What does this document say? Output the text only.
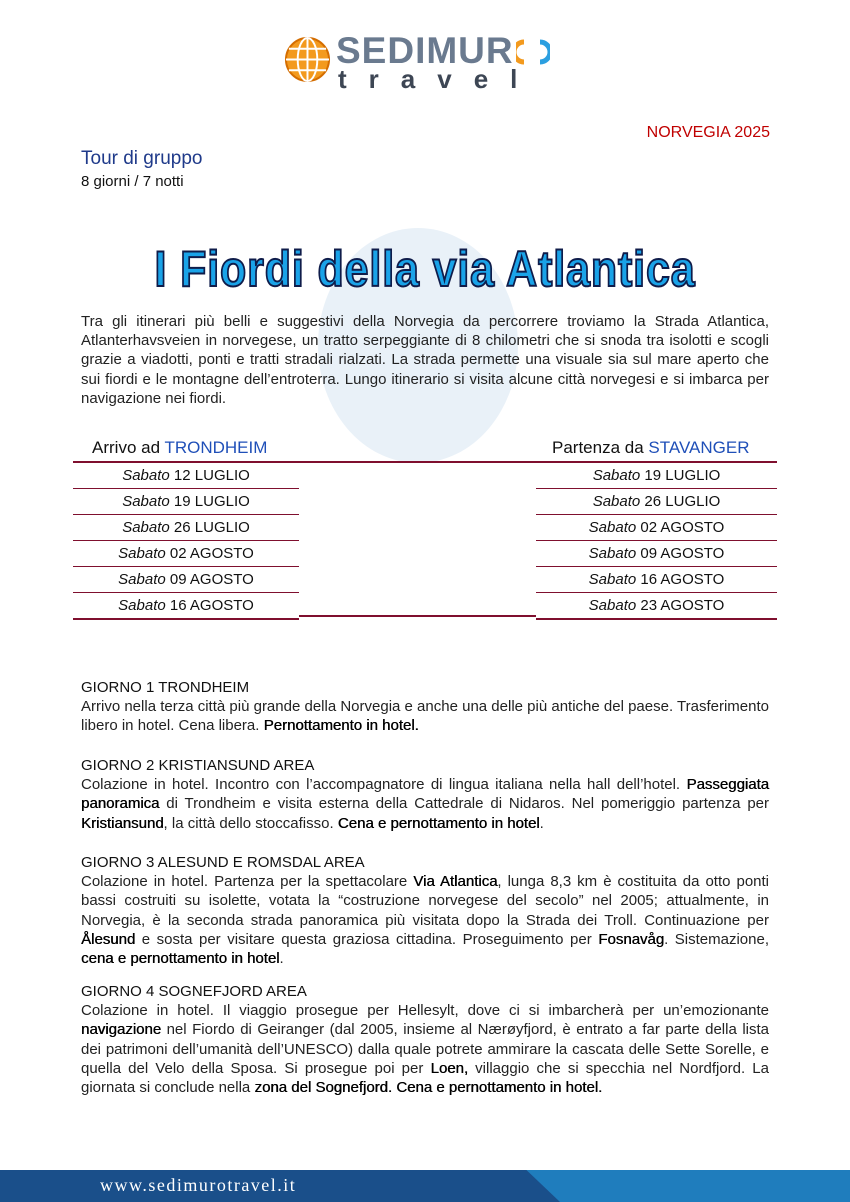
SEDIMUR
travel
NORVEGIA 2025
Tour di gruppo
8 giorni / 7 notti
I Fiordi della via Atlantica
Tra gli itinerari più belli e suggestivi della Norvegia da percorrere troviamo la Strada Atlantica, Atlanterhavsveien in norvegese, un tratto serpeggiante di 8 chilometri che si snoda tra isolotti e scogli grazie a viadotti, ponti e tratti stradali rialzati. La strada permette una visuale sia sul mare aperto che sui fiordi e le montagne dell’entroterra. Lungo itinerario si visita alcune città norvegesi e si imbarca per navigazione nei fiordi.
Arrivo ad TRONDHEIM	Partenza da STAVANGER
Sabato 12 LUGLIO
Sabato 19 LUGLIO
Sabato 26 LUGLIO
Sabato 02 AGOSTO
Sabato 09 AGOSTO
Sabato 16 AGOSTO
Sabato 19 LUGLIO
Sabato 26 LUGLIO
Sabato 02 AGOSTO
Sabato 09 AGOSTO
Sabato 16 AGOSTO
Sabato 23 AGOSTO
GIORNO 1 TRONDHEIM

Arrivo nella terza città più grande della Norvegia e anche una delle più antiche del paese. Trasferimento libero in hotel. Cena libera. Pernottamento in hotel.

GIORNO 2 KRISTIANSUND AREA

Colazione in hotel. Incontro con l’accompagnatore di lingua italiana nella hall dell’hotel. Passeggiata panoramica di Trondheim e visita esterna della Cattedrale di Nidaros. Nel pomeriggio partenza per Kristiansund, la città dello stoccafisso. Cena e pernottamento in hotel.

GIORNO 3 ALESUND E ROMSDAL AREA

Colazione in hotel. Partenza per la spettacolare Via Atlantica, lunga 8,3 km è costituita da otto ponti bassi costruiti su isolette, votata la “costruzione norvegese del secolo” nel 2005; attualmente, in Norvegia, è la seconda strada panoramica più visitata dopo la Strada dei Troll. Continuazione per Ålesund e sosta per visitare questa graziosa cittadina. Proseguimento per Fosnavåg. Sistemazione, cena e pernottamento in hotel.

GIORNO 4 SOGNEFJORD AREA

Colazione in hotel. Il viaggio prosegue per Hellesylt, dove ci si imbarcherà per un’emozionante navigazione nel Fiordo di Geiranger (dal 2005, insieme al Nærøyfjord, è entrato a far parte della lista dei patrimoni dell’umanità dell’UNESCO) dalla quale potrete ammirare la cascata delle Sette Sorelle, e quella del Velo della Sposa. Si prosegue poi per Loen, villaggio che si specchia nel Nordfjord. La giornata si conclude nella zona del Sognefjord. Cena e pernottamento in hotel.

www.sedimurotravel.it
